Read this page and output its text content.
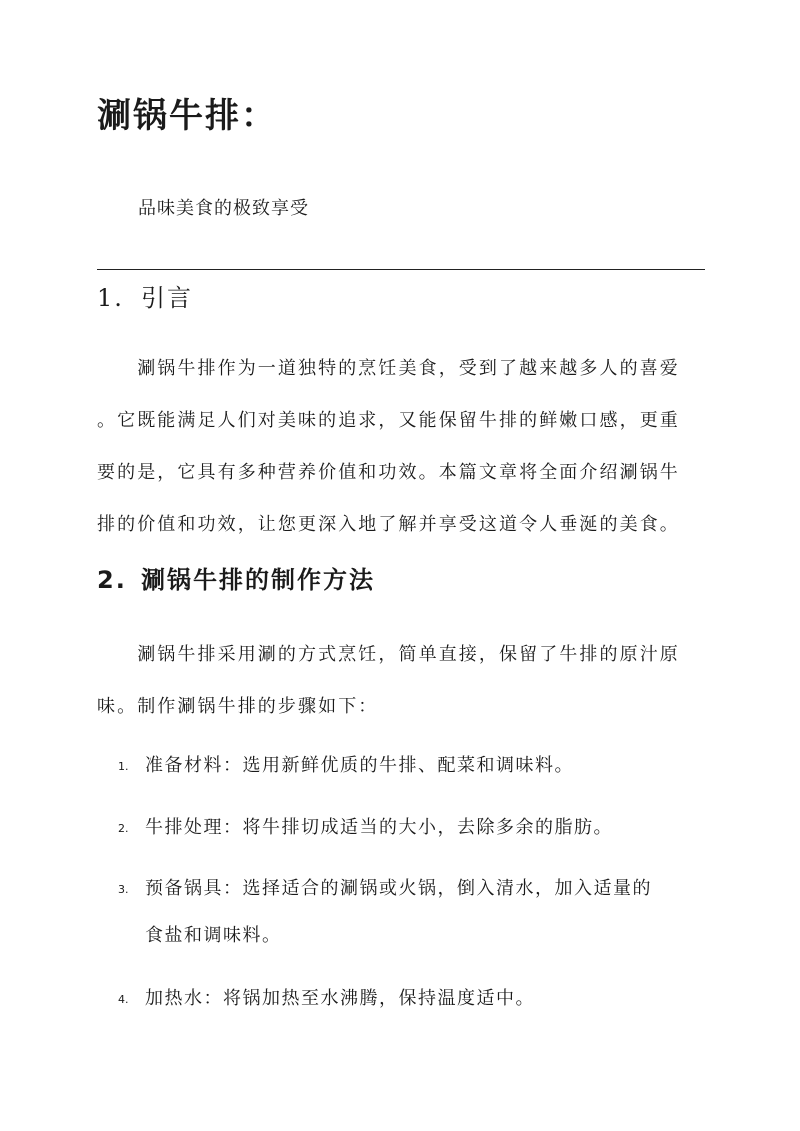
涮锅牛排：
品味美食的极致享受
1. 引言
　　涮锅牛排作为一道独特的烹饪美食，受到了越来越多人的喜爱
。它既能满足人们对美味的追求，又能保留牛排的鲜嫩口感，更重
要的是，它具有多种营养价值和功效。本篇文章将全面介绍涮锅牛
排的价值和功效，让您更深入地了解并享受这道令人垂涎的美食。
2. 涮锅牛排的制作方法
　　涮锅牛排采用涮的方式烹饪，简单直接，保留了牛排的原汁原
味。制作涮锅牛排的步骤如下：
1. 准备材料：选用新鲜优质的牛排、配菜和调味料。
2. 牛排处理：将牛排切成适当的大小，去除多余的脂肪。
3. 预备锅具：选择适合的涮锅或火锅，倒入清水，加入适量的
食盐和调味料。
4. 加热水：将锅加热至水沸腾，保持温度适中。
